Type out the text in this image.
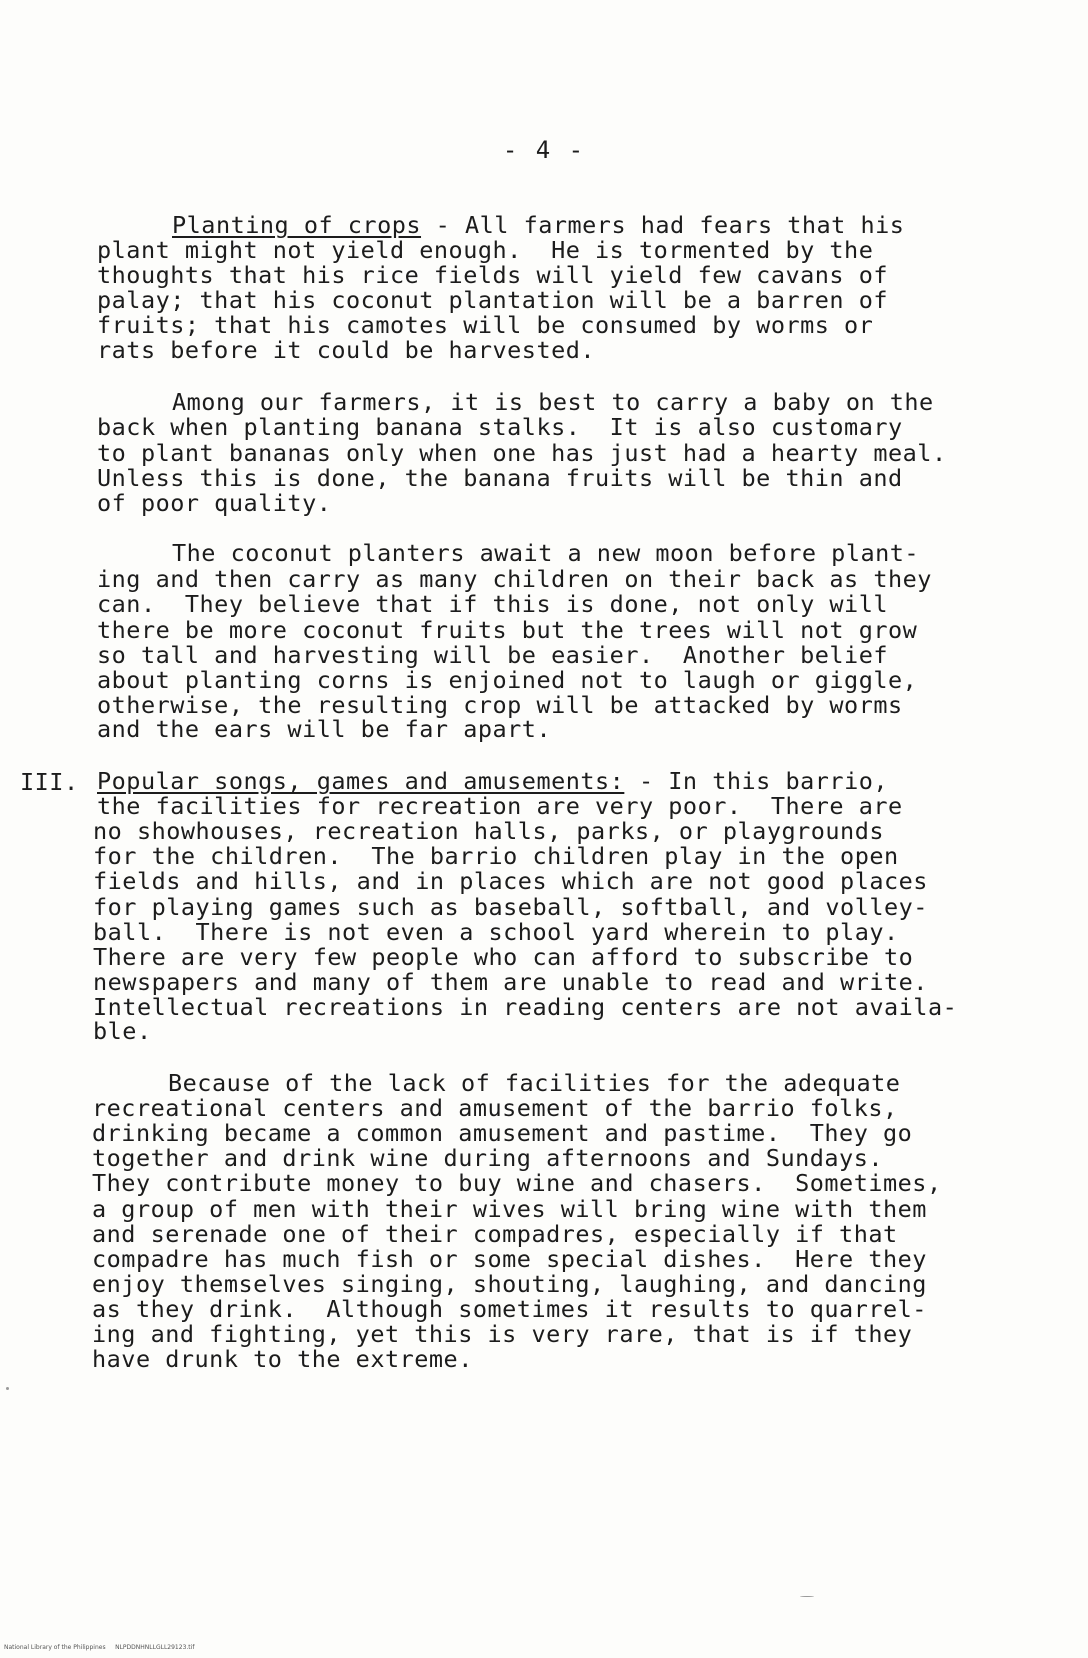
- 4 -
Planting of crops - All farmers had fears that his
plant might not yield enough.  He is tormented by the
thoughts that his rice fields will yield few cavans of
palay; that his coconut plantation will be a barren of
fruits; that his camotes will be consumed by worms or
rats before it could be harvested.
Among our farmers, it is best to carry a baby on the
back when planting banana stalks.  It is also customary
to plant bananas only when one has just had a hearty meal.
Unless this is done, the banana fruits will be thin and
of poor quality.
The coconut planters await a new moon before plant-
ing and then carry as many children on their back as they
can.  They believe that if this is done, not only will
there be more coconut fruits but the trees will not grow
so tall and harvesting will be easier.  Another belief
about planting corns is enjoined not to laugh or giggle,
otherwise, the resulting crop will be attacked by worms
and the ears will be far apart.
III. Popular songs, games and amusements: - In this barrio,
the facilities for recreation are very poor.  There are
no showhouses, recreation halls, parks, or playgrounds
for the children.  The barrio children play in the open
fields and hills, and in places which are not good places
for playing games such as baseball, softball, and volley-
ball.  There is not even a school yard wherein to play.
There are very few people who can afford to subscribe to
newspapers and many of them are unable to read and write.
Intellectual recreations in reading centers are not availa-
ble.
Because of the lack of facilities for the adequate
recreational centers and amusement of the barrio folks,
drinking became a common amusement and pastime.  They go
together and drink wine during afternoons and Sundays.
They contribute money to buy wine and chasers.  Sometimes,
a group of men with their wives will bring wine with them
and serenade one of their compadres, especially if that
compadre has much fish or some special dishes.  Here they
enjoy themselves singing, shouting, laughing, and dancing
as they drink.  Although sometimes it results to quarrel-
ing and fighting, yet this is very rare, that is if they
have drunk to the extreme.
National Library of the Philippines     NLPDDNHNLLGLL29123.tif
